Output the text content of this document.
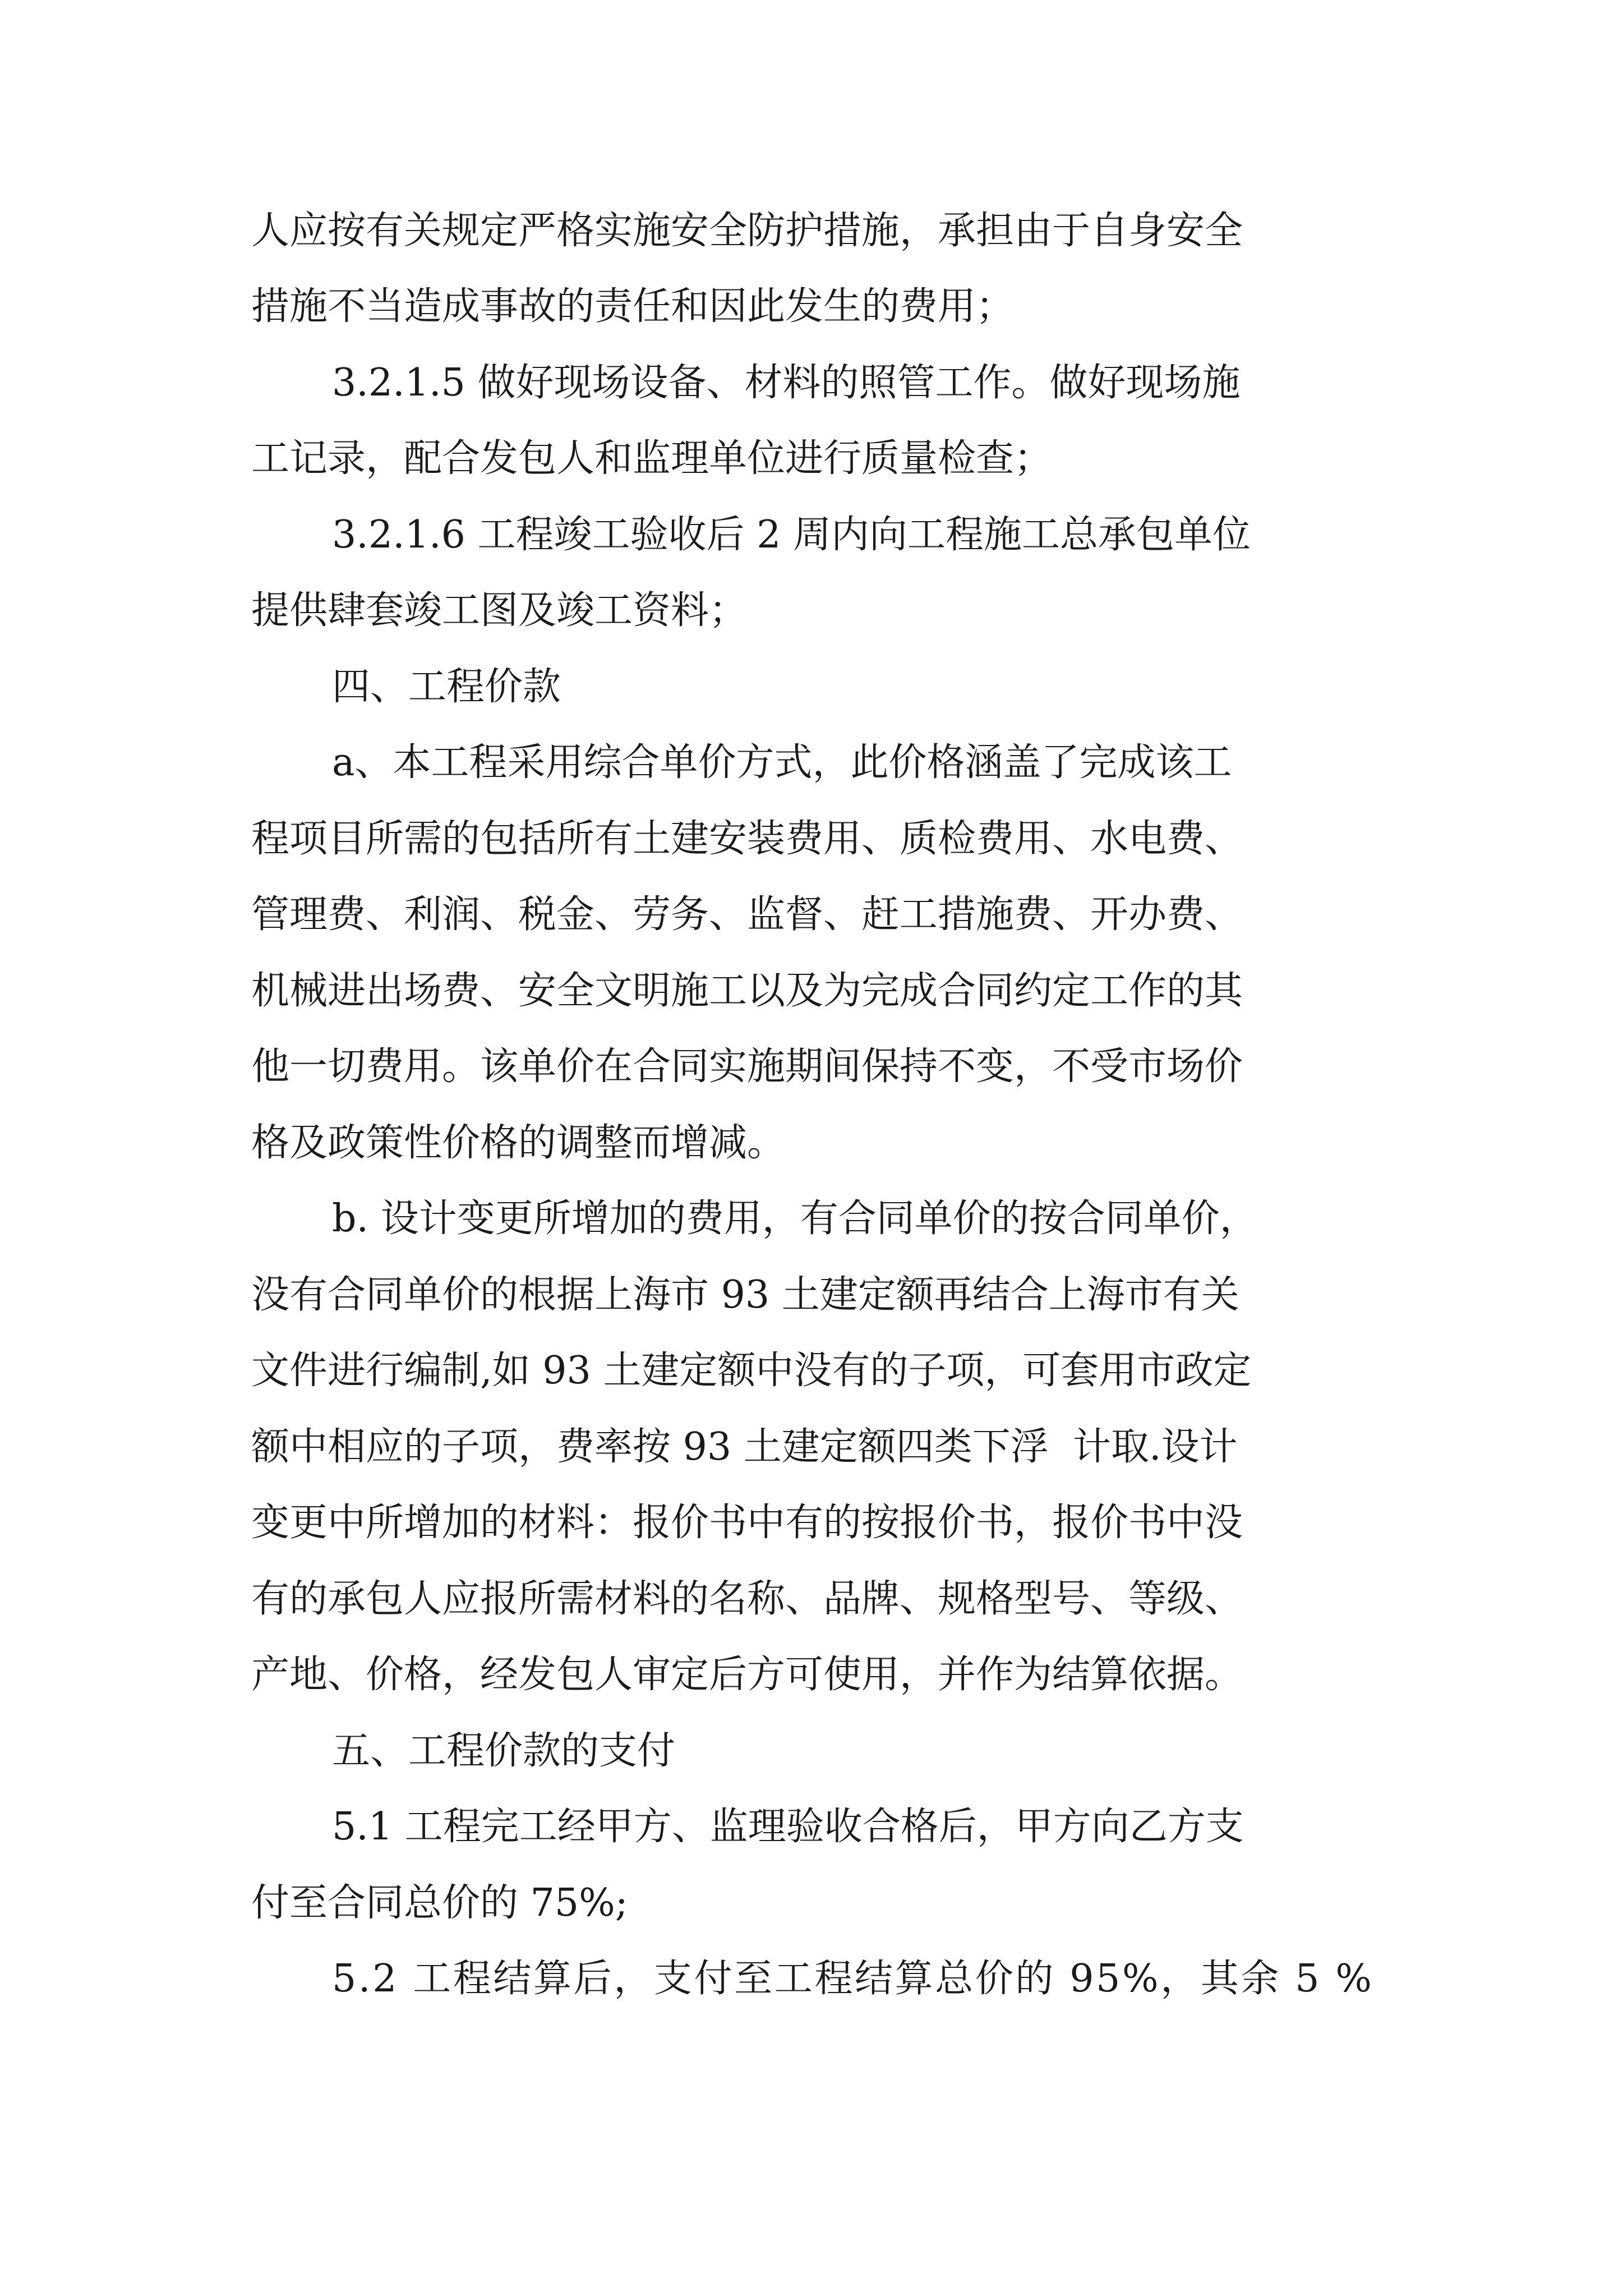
人应按有关规定严格实施安全防护措施，承担由于自身安全
措施不当造成事故的责任和因此发生的费用；
3.2.1.5 做好现场设备、材料的照管工作。做好现场施
工记录，配合发包人和监理单位进行质量检查；
3.2.1.6 工程竣工验收后 2 周内向工程施工总承包单位
提供肆套竣工图及竣工资料；
四、工程价款
a、本工程采用综合单价方式，此价格涵盖了完成该工
程项目所需的包括所有土建安装费用、质检费用、水电费、
管理费、利润、税金、劳务、监督、赶工措施费、开办费、
机械进出场费、安全文明施工以及为完成合同约定工作的其
他一切费用。该单价在合同实施期间保持不变，不受市场价
格及政策性价格的调整而增减。
b. 设计变更所增加的费用，有合同单价的按合同单价，
没有合同单价的根据上海市 93 土建定额再结合上海市有关
文件进行编制,如 93 土建定额中没有的子项，可套用市政定
额中相应的子项，费率按 93 土建定额四类下浮  计取.设计
变更中所增加的材料：报价书中有的按报价书，报价书中没
有的承包人应报所需材料的名称、品牌、规格型号、等级、
产地、价格，经发包人审定后方可使用，并作为结算依据。
五、工程价款的支付
5.1 工程完工经甲方、监理验收合格后，甲方向乙方支
付至合同总价的 75%;
5.2 工程结算后，支付至工程结算总价的 95%，其余 5 %
